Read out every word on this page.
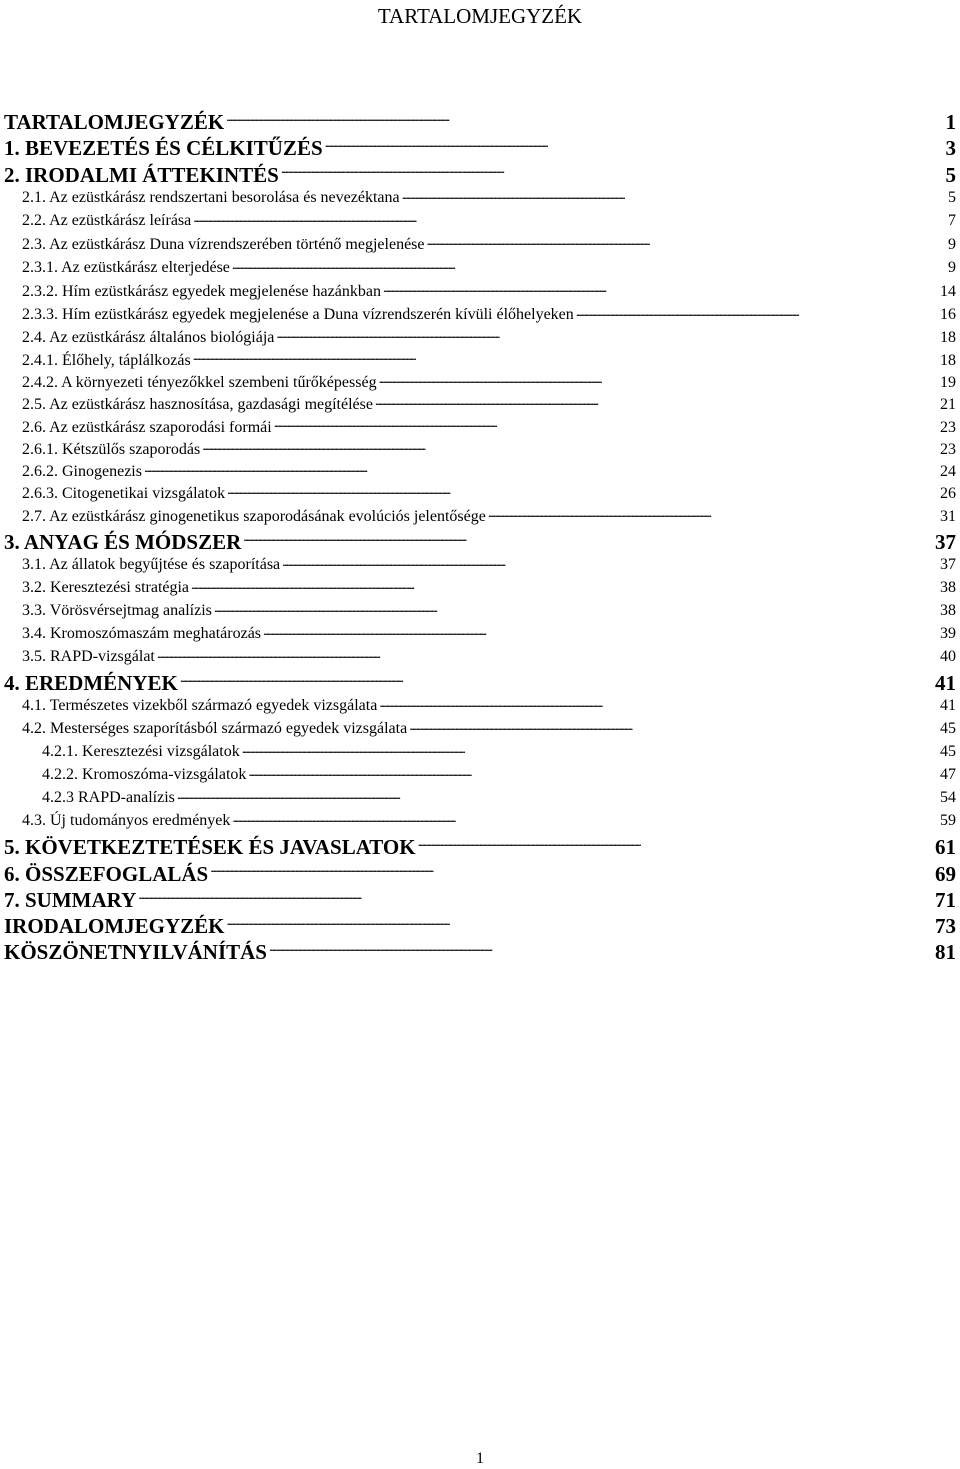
TARTALOMJEGYZÉK
TARTALOMJEGYZÉK . . .	1
1. BEVEZETÉS ÉS CÉLKITŰZÉS . . .	3
2. IRODALMI ÁTTEKINTÉS . . .	5
2.1. Az ezüstkárász rendszertani besorolása és nevezéktana . . .	5
2.2. Az ezüstkárász leírása . . .	7
2.3. Az ezüstkárász Duna vízrendszerében történő megjelenése . . .	9
2.3.1. Az ezüstkárász elterjedése . . .	9
2.3.2. Hím ezüstkárász egyedek megjelenése hazánkban . . .	14
2.3.3. Hím ezüstkárász egyedek megjelenése a Duna vízrendszerén kívüli élőhelyeken . . .	16
2.4. Az ezüstkárász általános biológiája . . .	18
2.4.1. Élőhely, táplálkozás . . .	18
2.4.2. A környezeti tényezőkkel szembeni tűrőképesség . . .	19
2.5. Az ezüstkárász hasznosítása, gazdasági megítélése . . .	21
2.6. Az ezüstkárász szaporodási formái . . .	23
2.6.1. Kétszülős szaporodás . . .	23
2.6.2. Ginogenezis . . .	24
2.6.3. Citogenetikai vizsgálatok . . .	26
2.7. Az ezüstkárász ginogenetikus szaporodásának evolúciós jelentősége . . .	31
3. ANYAG ÉS MÓDSZER . . .	37
3.1. Az állatok begyűjtése és szaporítása . . .	37
3.2. Keresztezési stratégia . . .	38
3.3. Vörösvérsejtmag analízis . . .	38
3.4. Kromoszómaszám meghatározás . . .	39
3.5. RAPD-vizsgálat . . .	40
4. EREDMÉNYEK . . .	41
4.1. Természetes vizekből származó egyedek vizsgálata . . .	41
4.2. Mesterséges szaporításból származó egyedek vizsgálata . . .	45
4.2.1. Keresztezési vizsgálatok . . .	45
4.2.2. Kromoszóma-vizsgálatok . . .	47
4.2.3 RAPD-analízis . . .	54
4.3. Új tudományos eredmények . . .	59
5. KÖVETKEZTETÉSEK ÉS JAVASLATOK . . .	61
6. ÖSSZEFOGLALÁS . . .	69
7. SUMMARY . . .	71
IRODALOMJEGYZÉK . . .	73
KÖSZÖNETNYILVÁNÍTÁS . . .	81
1
